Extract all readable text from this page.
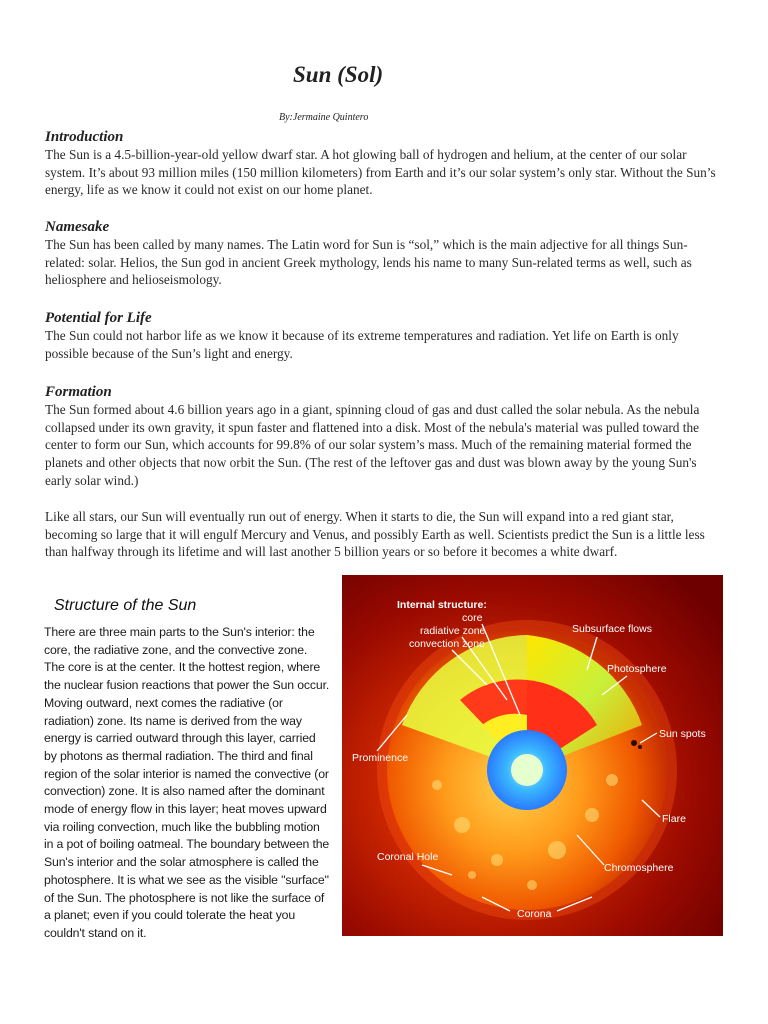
Sun (Sol)

By:Jermaine Quintero

Introduction

The Sun is a 4.5-billion-year-old yellow dwarf star. A hot glowing ball of hydrogen and helium, at the center of our solar system. It’s about 93 million miles (150 million kilometers) from Earth and it’s our solar system’s only star. Without the Sun’s energy, life as we know it could not exist on our home planet.

Namesake

The Sun has been called by many names. The Latin word for Sun is “sol,” which is the main adjective for all things Sun-related: solar. Helios, the Sun god in ancient Greek mythology, lends his name to many Sun-related terms as well, such as heliosphere and helioseismology.

Potential for Life

The Sun could not harbor life as we know it because of its extreme temperatures and radiation. Yet life on Earth is only possible because of the Sun’s light and energy.

Formation

The Sun formed about 4.6 billion years ago in a giant, spinning cloud of gas and dust called the solar nebula. As the nebula collapsed under its own gravity, it spun faster and flattened into a disk. Most of the nebula's material was pulled toward the center to form our Sun, which accounts for 99.8% of our solar system’s mass. Much of the remaining material formed the planets and other objects that now orbit the Sun. (The rest of the leftover gas and dust was blown away by the young Sun's early solar wind.)

Like all stars, our Sun will eventually run out of energy. When it starts to die, the Sun will expand into a red giant star, becoming so large that it will engulf Mercury and Venus, and possibly Earth as well. Scientists predict the Sun is a little less than halfway through its lifetime and will last another 5 billion years or so before it becomes a white dwarf.

Structure of the Sun

There are three main parts to the Sun's interior: the core, the radiative zone, and the convective zone. The core is at the center. It the hottest region, where the nuclear fusion reactions that power the Sun occur. Moving outward, next comes the radiative (or radiation) zone. Its name is derived from the way energy is carried outward through this layer, carried by photons as thermal radiation. The third and final region of the solar interior is named the convective (or convection) zone. It is also named after the dominant mode of energy flow in this layer; heat moves upward via roiling convection, much like the bubbling motion in a pot of boiling oatmeal. The boundary between the Sun's interior and the solar atmosphere is called the photosphere. It is what we see as the visible "surface" of the Sun. The photosphere is not like the surface of a planet; even if you could tolerate the heat you couldn't stand on it.

Internal structure:
core
radiative zone
convection zone
Subsurface flows
Photosphere
Sun spots
Prominence
Flare
Coronal Hole
Chromosphere
Corona
